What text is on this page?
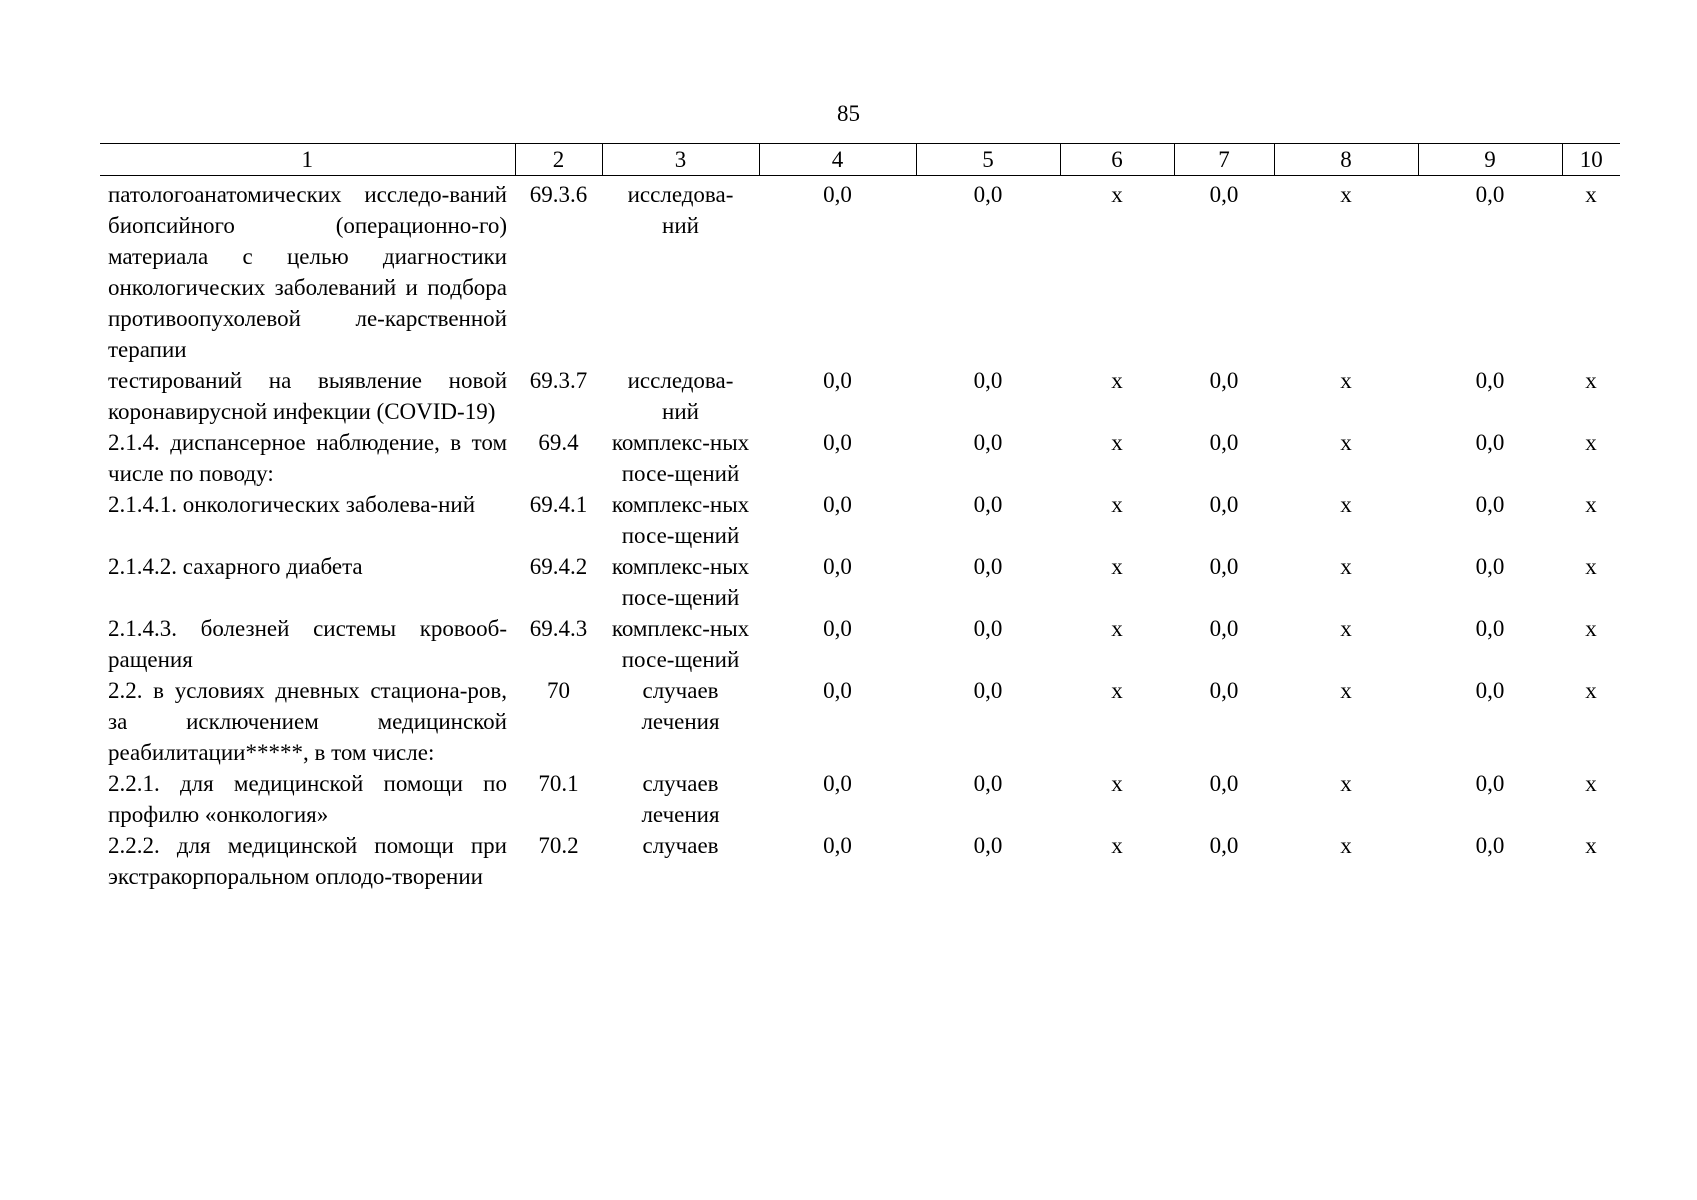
85
1	2	3	4	5	6	7	8	9	10
патологоанатомических исследо-ваний биопсийного (операционно-го) материала с целью диагностики онкологических заболеваний и подбора противоопухолевой ле-карственной терапии	69.3.6	исследова-ний	0,0	0,0	х	0,0	х	0,0	х
тестирований на выявление новой коронавирусной инфекции (COVID-19)	69.3.7	исследова-ний	0,0	0,0	х	0,0	х	0,0	х
2.1.4. диспансерное наблюдение, в том числе по поводу:	69.4	комплекс-ных посе-щений	0,0	0,0	х	0,0	х	0,0	х
2.1.4.1. онкологических заболева-ний	69.4.1	комплекс-ных посе-щений	0,0	0,0	х	0,0	х	0,0	х
2.1.4.2. сахарного диабета	69.4.2	комплекс-ных посе-щений	0,0	0,0	х	0,0	х	0,0	х
2.1.4.3. болезней системы кровооб-ращения	69.4.3	комплекс-ных посе-щений	0,0	0,0	х	0,0	х	0,0	х
2.2. в условиях дневных стациона-ров, за исключением медицинской реабилитации*****, в том числе:	70	случаев лечения	0,0	0,0	х	0,0	х	0,0	х
2.2.1. для медицинской помощи по профилю «онкология»	70.1	случаев лечения	0,0	0,0	х	0,0	х	0,0	х
2.2.2. для медицинской помощи при экстракорпоральном оплодо-творении	70.2	случаев	0,0	0,0	х	0,0	х	0,0	х
